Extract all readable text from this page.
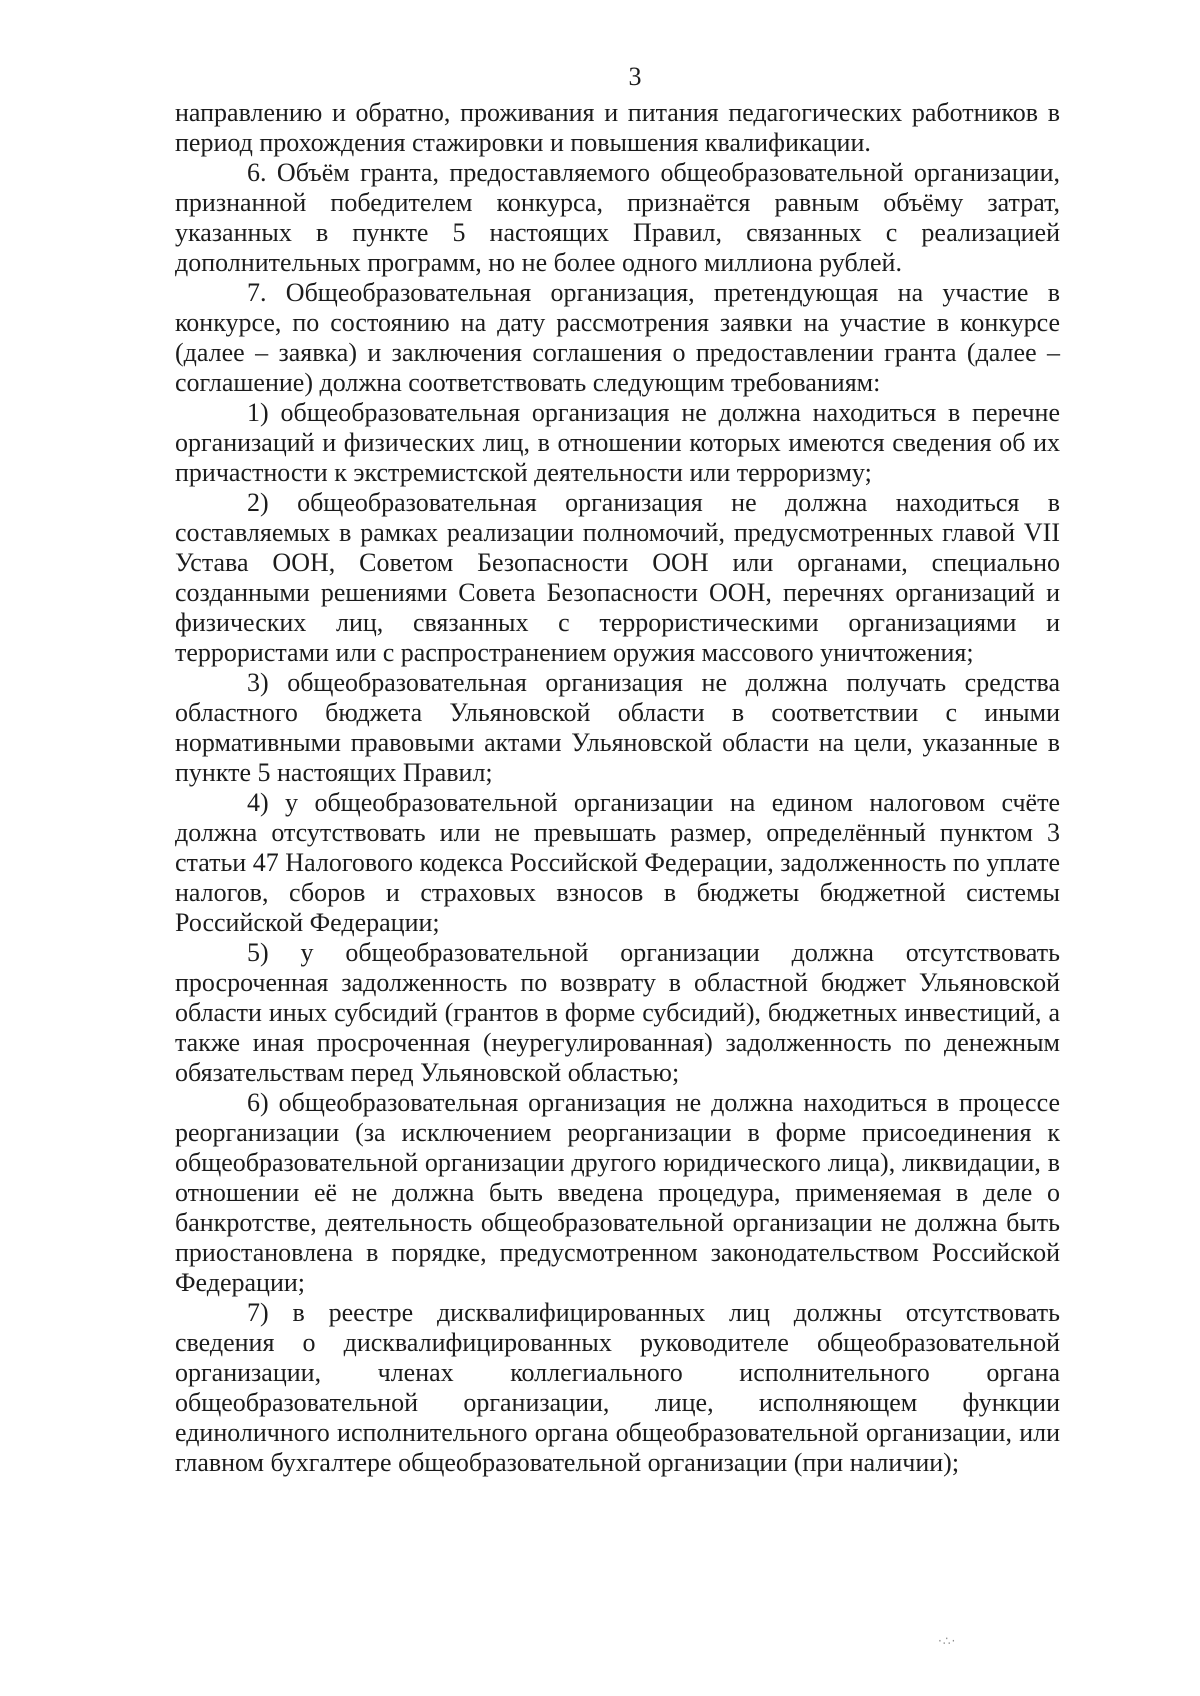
3

направлению и обратно, проживания и питания педагогических работников в период прохождения стажировки и повышения квалификации.

6. Объём гранта, предоставляемого общеобразовательной организации, признанной победителем конкурса, признаётся равным объёму затрат, указанных в пункте 5 настоящих Правил, связанных с реализацией дополнительных программ, но не более одного миллиона рублей.

7. Общеобразовательная организация, претендующая на участие в конкурсе, по состоянию на дату рассмотрения заявки на участие в конкурсе (далее – заявка) и заключения соглашения о предоставлении гранта (далее – соглашение) должна соответствовать следующим требованиям:

1) общеобразовательная организация не должна находиться в перечне организаций и физических лиц, в отношении которых имеются сведения об их причастности к экстремистской деятельности или терроризму;

2) общеобразовательная организация не должна находиться в составляемых в рамках реализации полномочий, предусмотренных главой VII Устава ООН, Советом Безопасности ООН или органами, специально созданными решениями Совета Безопасности ООН, перечнях организаций и физических лиц, связанных с террористическими организациями и террористами или с распространением оружия массового уничтожения;

3) общеобразовательная организация не должна получать средства областного бюджета Ульяновской области в соответствии с иными нормативными правовыми актами Ульяновской области на цели, указанные в пункте 5 настоящих Правил;

4) у общеобразовательной организации на едином налоговом счёте должна отсутствовать или не превышать размер, определённый пунктом 3 статьи 47 Налогового кодекса Российской Федерации, задолженность по уплате налогов, сборов и страховых взносов в бюджеты бюджетной системы Российской Федерации;

5) у общеобразовательной организации должна отсутствовать просроченная задолженность по возврату в областной бюджет Ульяновской области иных субсидий (грантов в форме субсидий), бюджетных инвестиций, а также иная просроченная (неурегулированная) задолженность по денежным обязательствам перед Ульяновской областью;

6) общеобразовательная организация не должна находиться в процессе реорганизации (за исключением реорганизации в форме присоединения к общеобразовательной организации другого юридического лица), ликвидации, в отношении её не должна быть введена процедура, применяемая в деле о банкротстве, деятельность общеобразовательной организации не должна быть приостановлена в порядке, предусмотренном законодательством Российской Федерации;

7) в реестре дисквалифицированных лиц должны отсутствовать сведения о дисквалифицированных руководителе общеобразовательной организации, членах коллегиального исполнительного органа общеобразовательной организации, лице, исполняющем функции единоличного исполнительного органа общеобразовательной организации, или главном бухгалтере общеобразовательной организации (при наличии);

·∴·
